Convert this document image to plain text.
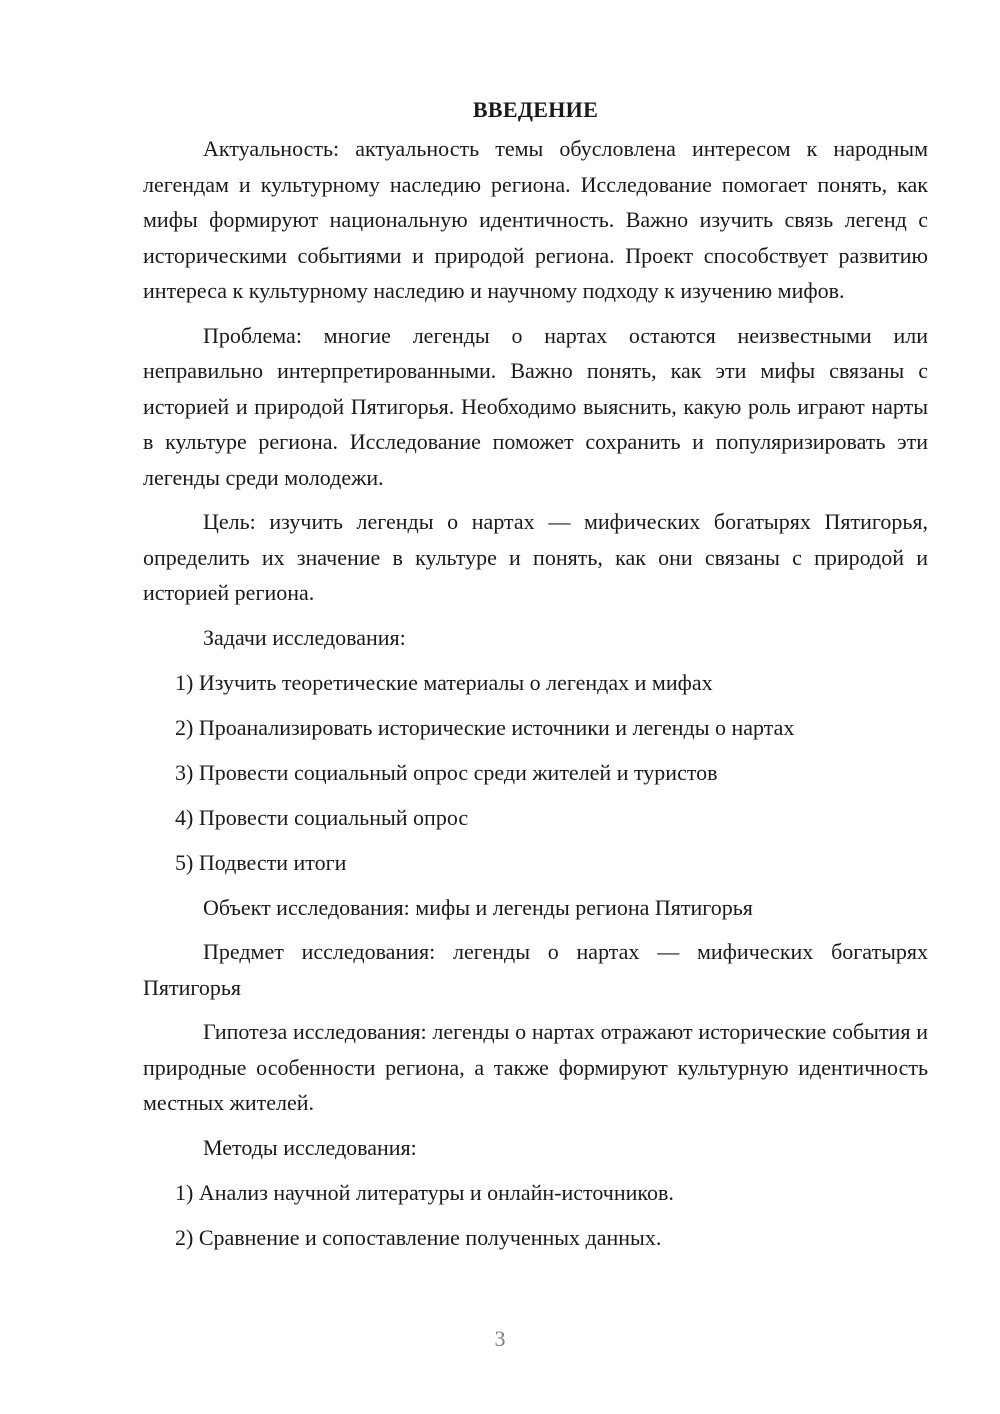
ВВЕДЕНИЕ

Актуальность: актуальность темы обусловлена интересом к народным легендам и культурному наследию региона. Исследование помогает понять, как мифы формируют национальную идентичность. Важно изучить связь легенд с историческими событиями и природой региона. Проект способствует развитию интереса к культурному наследию и научному подходу к изучению мифов.

Проблема: многие легенды о нартах остаются неизвестными или неправильно интерпретированными. Важно понять, как эти мифы связаны с историей и природой Пятигорья. Необходимо выяснить, какую роль играют нарты в культуре региона. Исследование поможет сохранить и популяризировать эти легенды среди молодежи.

Цель: изучить легенды о нартах — мифических богатырях Пятигорья, определить их значение в культуре и понять, как они связаны с природой и историей региона.

Задачи исследования:
1) Изучить теоретические материалы о легендах и мифах
2) Проанализировать исторические источники и легенды о нартах
3) Провести социальный опрос среди жителей и туристов
4) Провести социальный опрос
5) Подвести итоги

Объект исследования: мифы и легенды региона Пятигорья

Предмет исследования: легенды о нартах — мифических богатырях Пятигорья

Гипотеза исследования: легенды о нартах отражают исторические события и природные особенности региона, а также формируют культурную идентичность местных жителей.

Методы исследования:
1) Анализ научной литературы и онлайн-источников.
2) Сравнение и сопоставление полученных данных.
3
